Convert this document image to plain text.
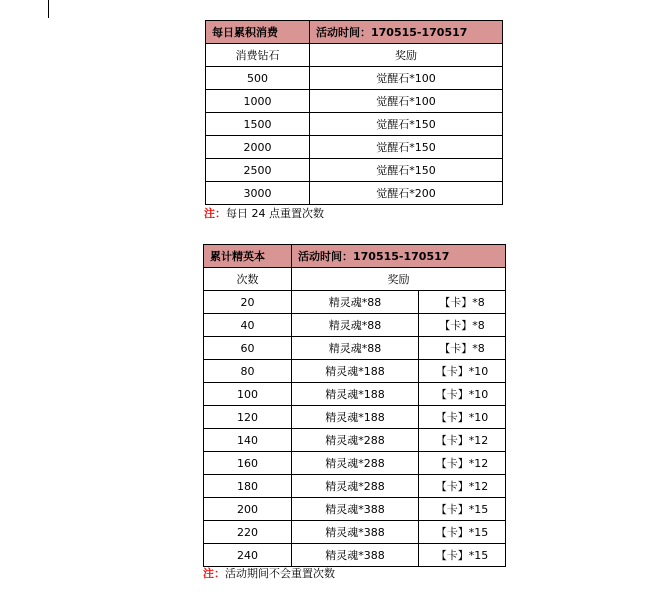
每日累积消费	活动时间：170515-170517
消费钻石	奖励
500	觉醒石*100
1000	觉醒石*100
1500	觉醒石*150
2000	觉醒石*150
2500	觉醒石*150
3000	觉醒石*200
注：每日 24 点重置次数
累计精英本	活动时间：170515-170517	
次数	奖励	
20	精灵魂*88	【卡】*8
40	精灵魂*88	【卡】*8
60	精灵魂*88	【卡】*8
80	精灵魂*188	【卡】*10
100	精灵魂*188	【卡】*10
120	精灵魂*188	【卡】*10
140	精灵魂*288	【卡】*12
160	精灵魂*288	【卡】*12
180	精灵魂*288	【卡】*12
200	精灵魂*388	【卡】*15
220	精灵魂*388	【卡】*15
240	精灵魂*388	【卡】*15
注：活动期间不会重置次数
